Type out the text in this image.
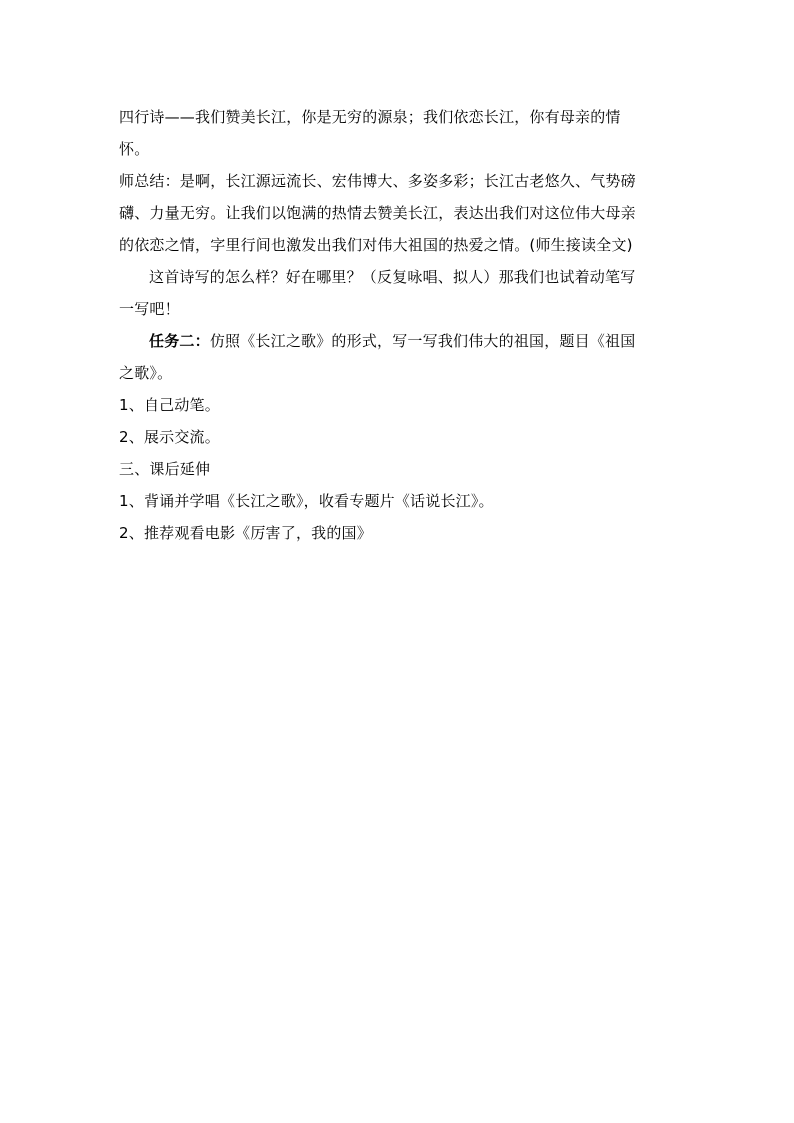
四行诗——我们赞美长江，你是无穷的源泉；我们依恋长江，你有母亲的情
怀。
师总结：是啊，长江源远流长、宏伟博大、多姿多彩；长江古老悠久、气势磅
礴、力量无穷。让我们以饱满的热情去赞美长江，表达出我们对这位伟大母亲
的依恋之情，字里行间也激发出我们对伟大祖国的热爱之情。(师生接读全文)
这首诗写的怎么样？好在哪里？（反复咏唱、拟人）那我们也试着动笔写
一写吧！
任务二：仿照《长江之歌》的形式，写一写我们伟大的祖国，题目《祖国
之歌》。
1、自己动笔。
2、展示交流。
三、课后延伸
1、背诵并学唱《长江之歌》，收看专题片《话说长江》。
2、推荐观看电影《厉害了，我的国》
